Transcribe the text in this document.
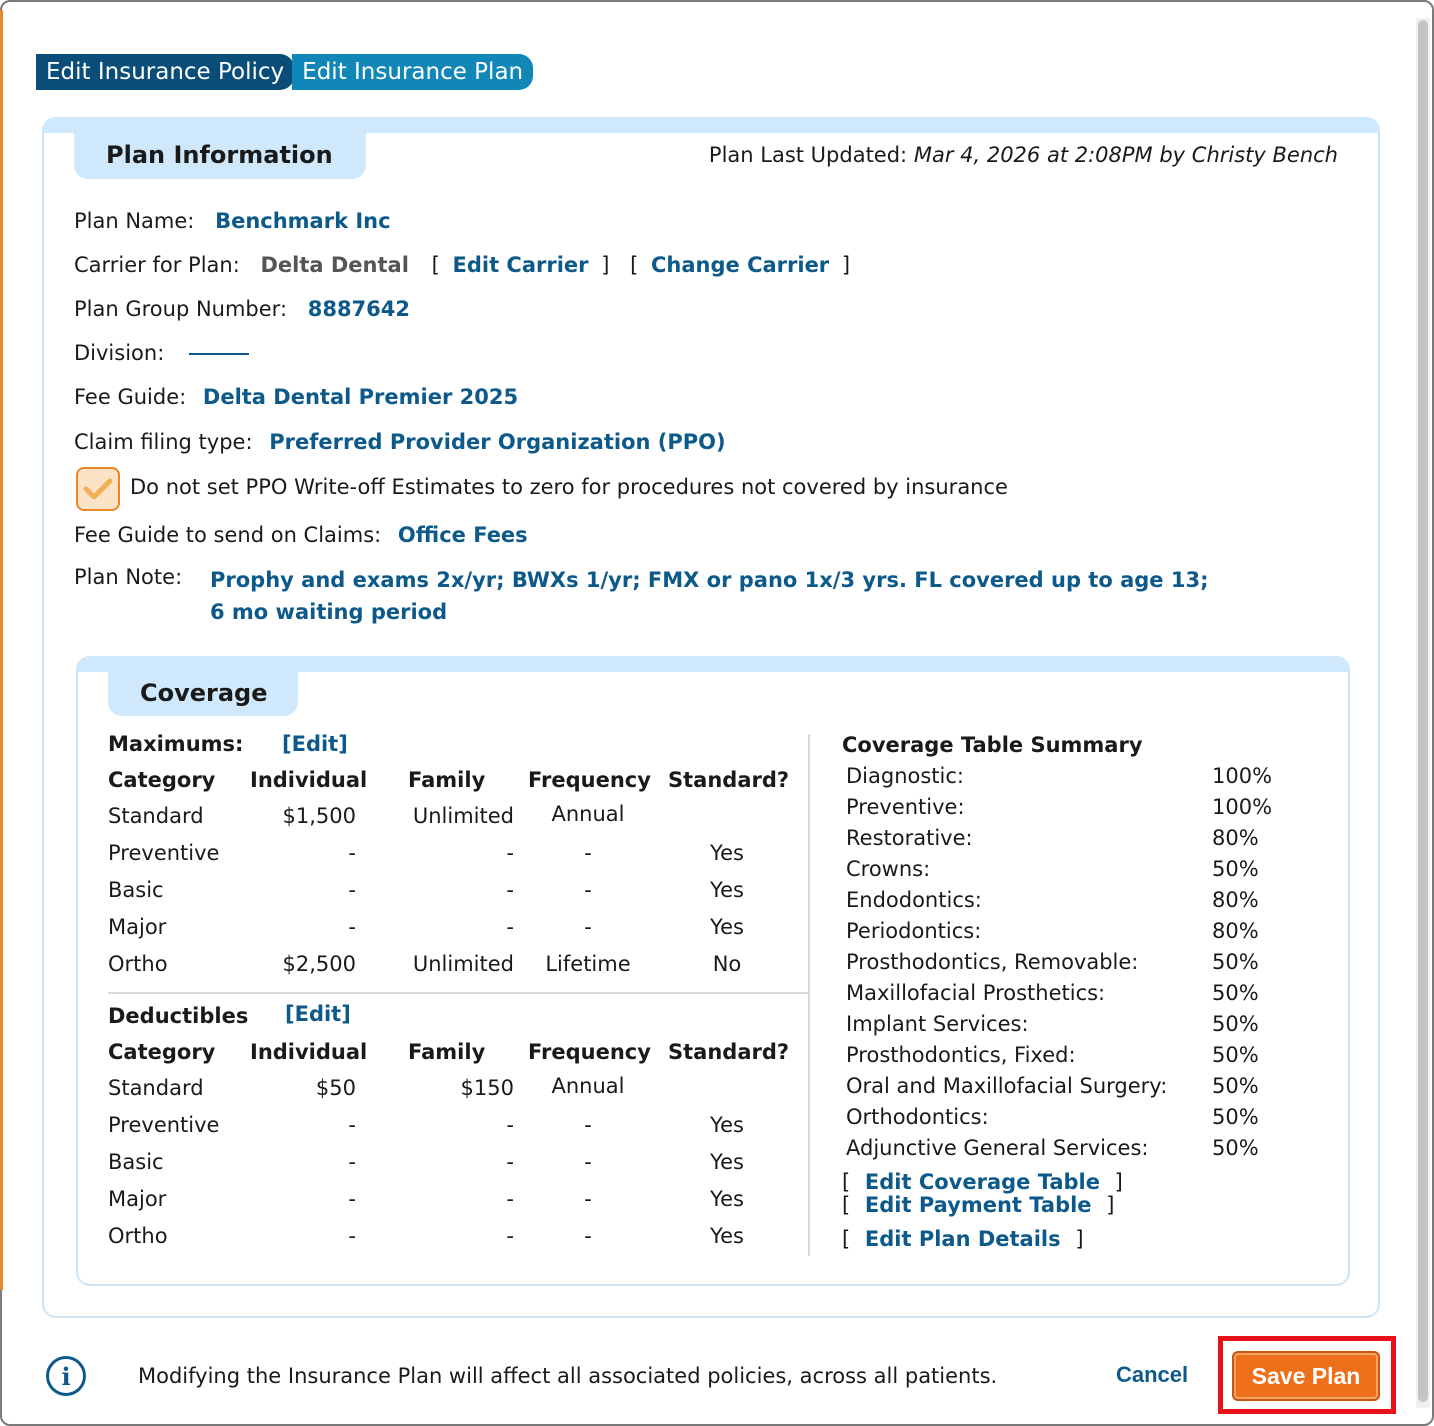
Edit Insurance Policy Edit Insurance Plan
Plan Information	Plan Last Updated: Mar 4, 2026 at 2:08PM by Christy Bench
Plan Name: Benchmark Inc
Carrier for Plan: Delta Dental [ Edit Carrier ] [ Change Carrier ]
Plan Group Number: 8887642
Division:
Fee Guide: Delta Dental Premier 2025
Claim filing type: Preferred Provider Organization (PPO)
Do not set PPO Write-off Estimates to zero for procedures not covered by insurance
Fee Guide to send on Claims: Office Fees
Plan Note: Prophy and exams 2x/yr; BWXs 1/yr; FMX or pano 1x/3 yrs. FL covered up to age 13;
6 mo waiting period
Coverage
Maximums: [Edit]
Deductibles [Edit]
Coverage Table Summary
[ Edit Coverage Table ]
[ Edit Payment Table ]
[ Edit Plan Details ]
Category Individual Family Frequency Standard?
Standard	$1,500	Unlimited	Annual
Preventive	-	-	-	Yes
Basic	-	-	-	Yes
Major	-	-	-	Yes
Ortho	$2,500	Unlimited	Lifetime	No
Category Individual Family Frequency Standard?
Standard	$50	$150	Annual
Preventive	-	-	-	Yes
Basic	-	-	-	Yes
Major	-	-	-	Yes
Ortho	-	-	-	Yes
Diagnostic:	100%
Preventive:	100%
Restorative:	80%
Crowns:	50%
Endodontics:	80%
Periodontics:	80%
Prosthodontics, Removable:	50%
Maxillofacial Prosthetics:	50%
Implant Services:	50%
Prosthodontics, Fixed:	50%
Oral and Maxillofacial Surgery: 50%
Orthodontics:	50%
Adjunctive General Services:	50%
i	Modifying the Insurance Plan will affect all associated policies, across all patients.	Cancel	Save Plan
